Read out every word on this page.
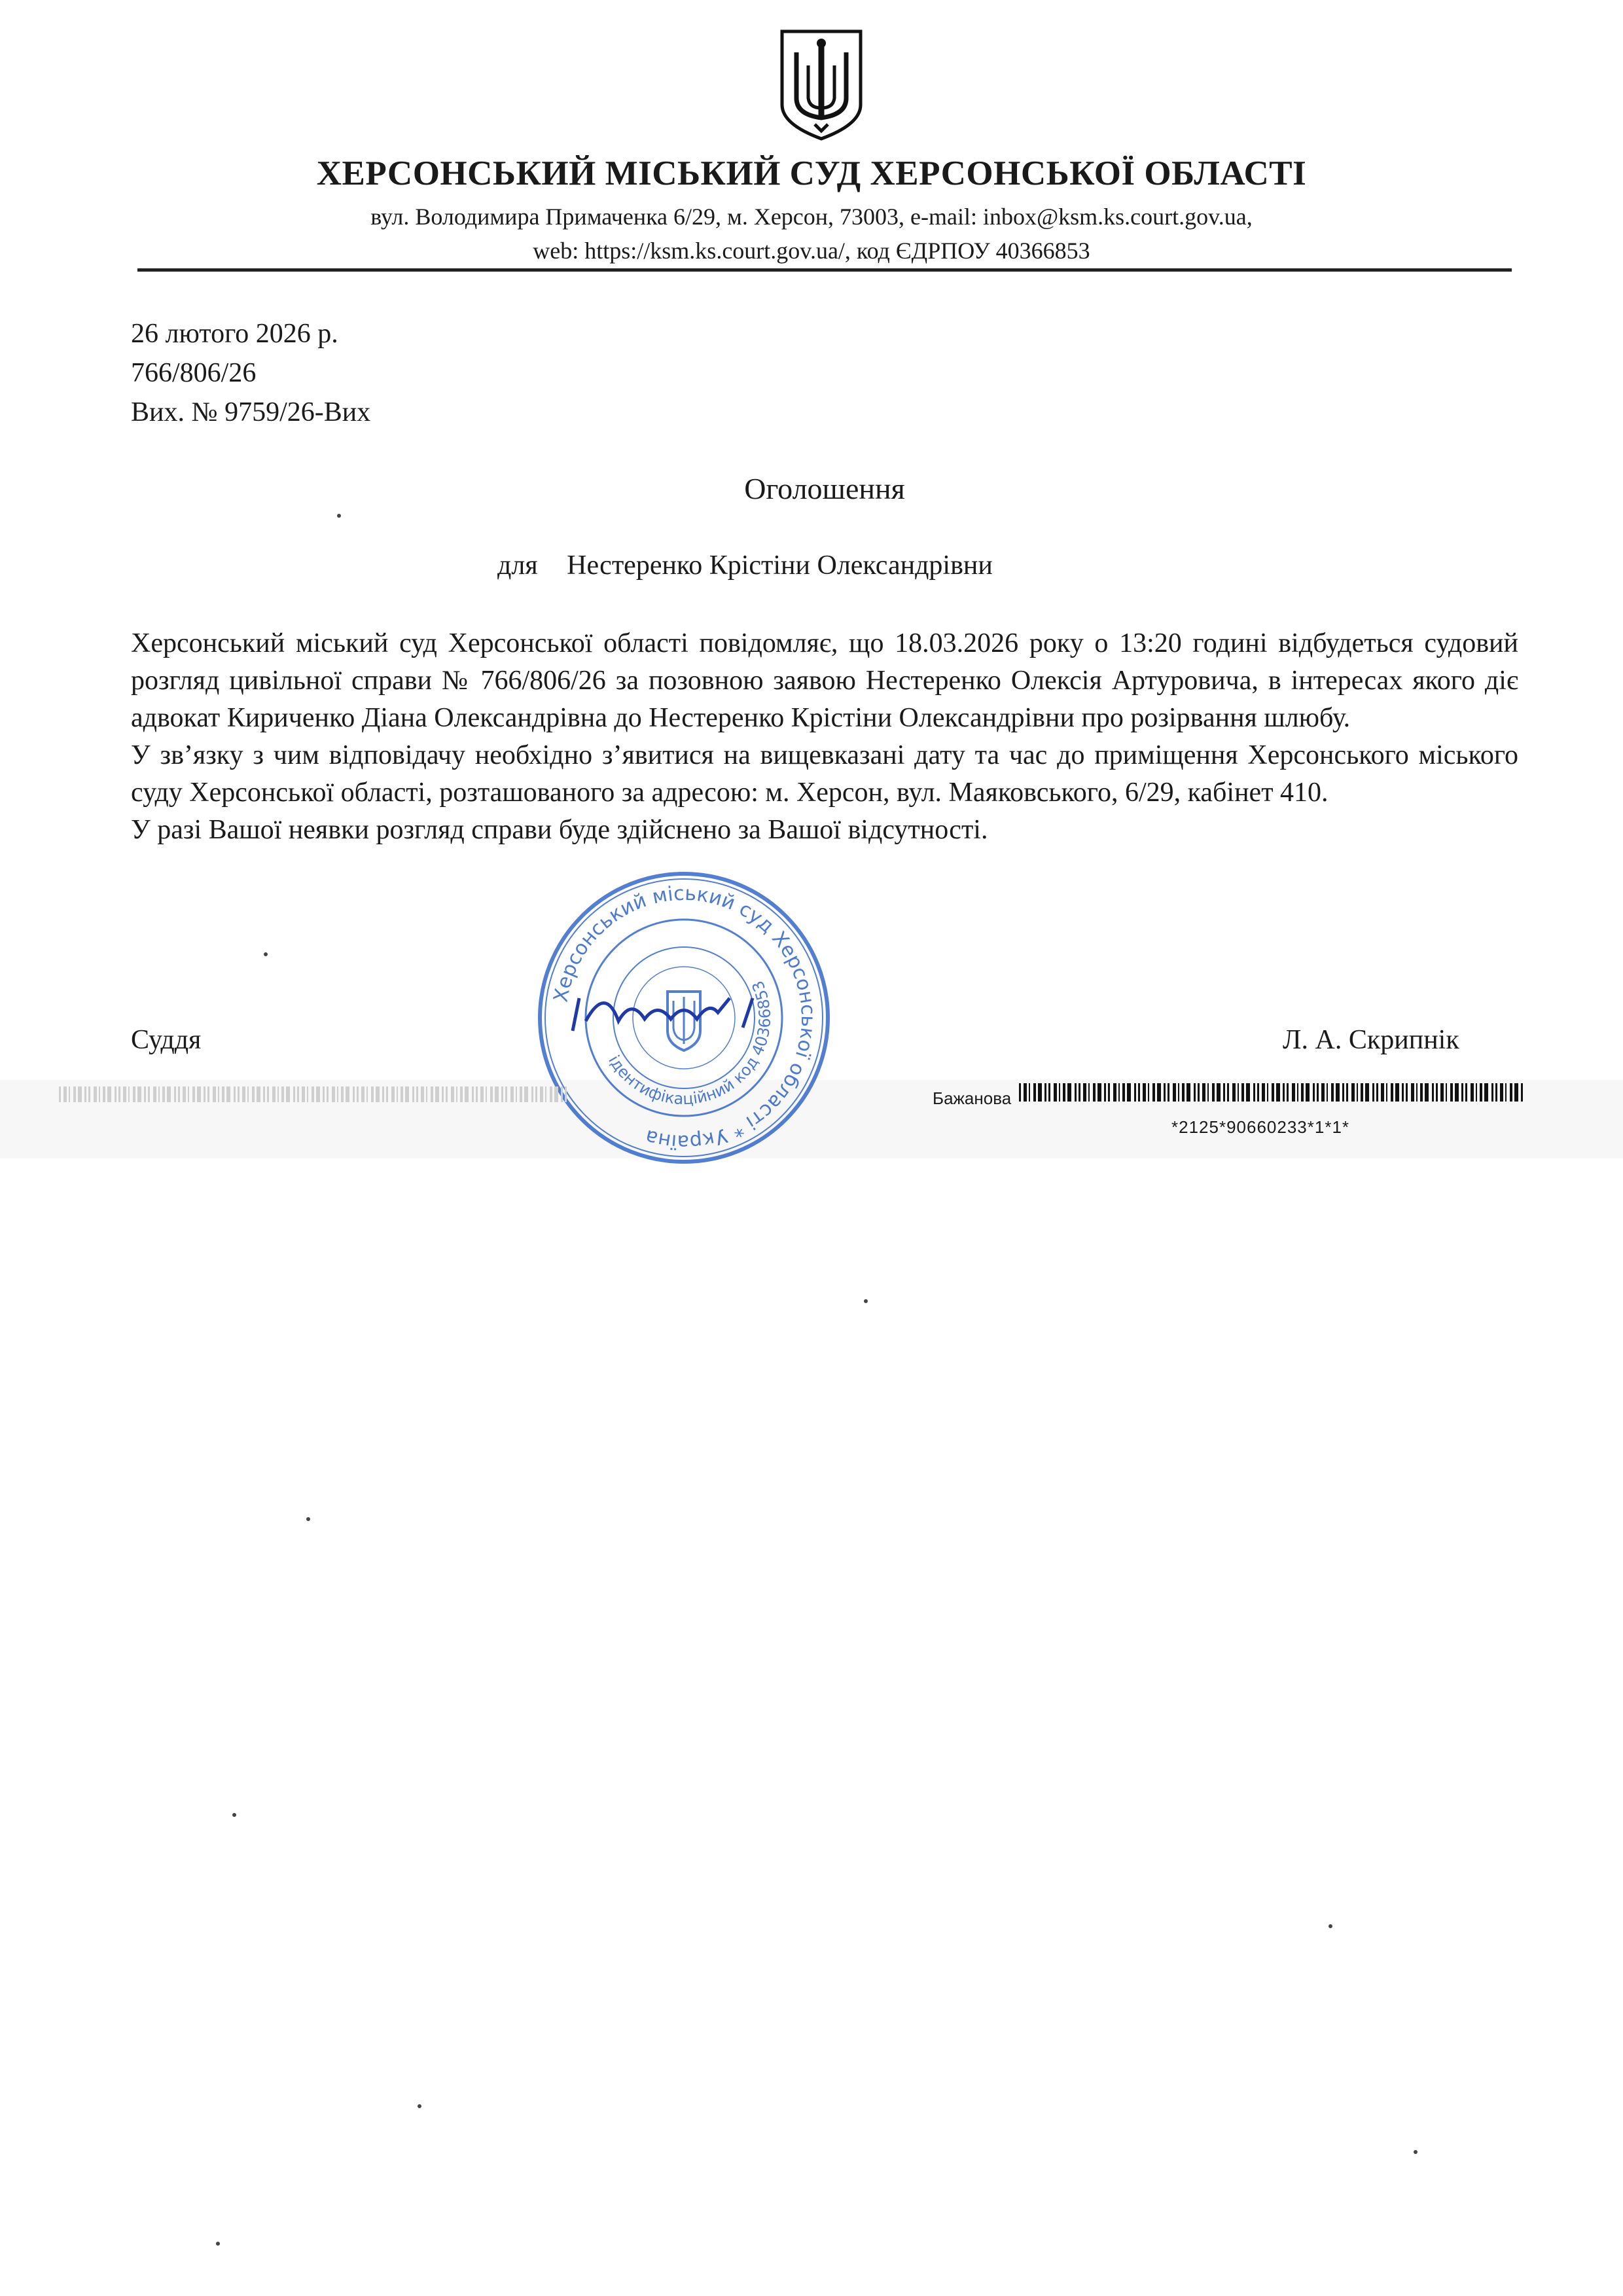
ХЕРСОНСЬКИЙ МІСЬКИЙ СУД ХЕРСОНСЬКОЇ ОБЛАСТІ
вул. Володимира Примаченка 6/29, м. Херсон, 73003, e-mail: inbox@ksm.ks.court.gov.ua,
web: https://ksm.ks.court.gov.ua/, код ЄДРПОУ 40366853
26 лютого 2026 р.
766/806/26
Вих. № 9759/26-Вих
Оголошення
для Нестеренко Крістіни Олександрівни

Херсонський міський суд Херсонської області повідомляє, що 18.03.2026 року о 13:20 годині відбудеться судовий розгляд цивільної справи № 766/806/26 за позовною заявою Нестеренко Олексія Артуровича, в інтересах якого діє адвокат Кириченко Діана Олександрівна до Нестеренко Крістіни Олександрівни про розірвання шлюбу.

У зв’язку з чим відповідачу необхідно з’явитися на вищевказані дату та час до приміщення Херсонського міського суду Херсонської області, розташованого за адресою: м. Херсон, вул. Маяковського, 6/29, кабінет 410.

У разі Вашої неявки розгляд справи буде здійснено за Вашої відсутності.

Суддя	Л. А. Скрипнік
Херсонський міський суд Херсонської області * Україна
ідентифікаційний код 40366853
Бажанова
*2125*90660233*1*1*
